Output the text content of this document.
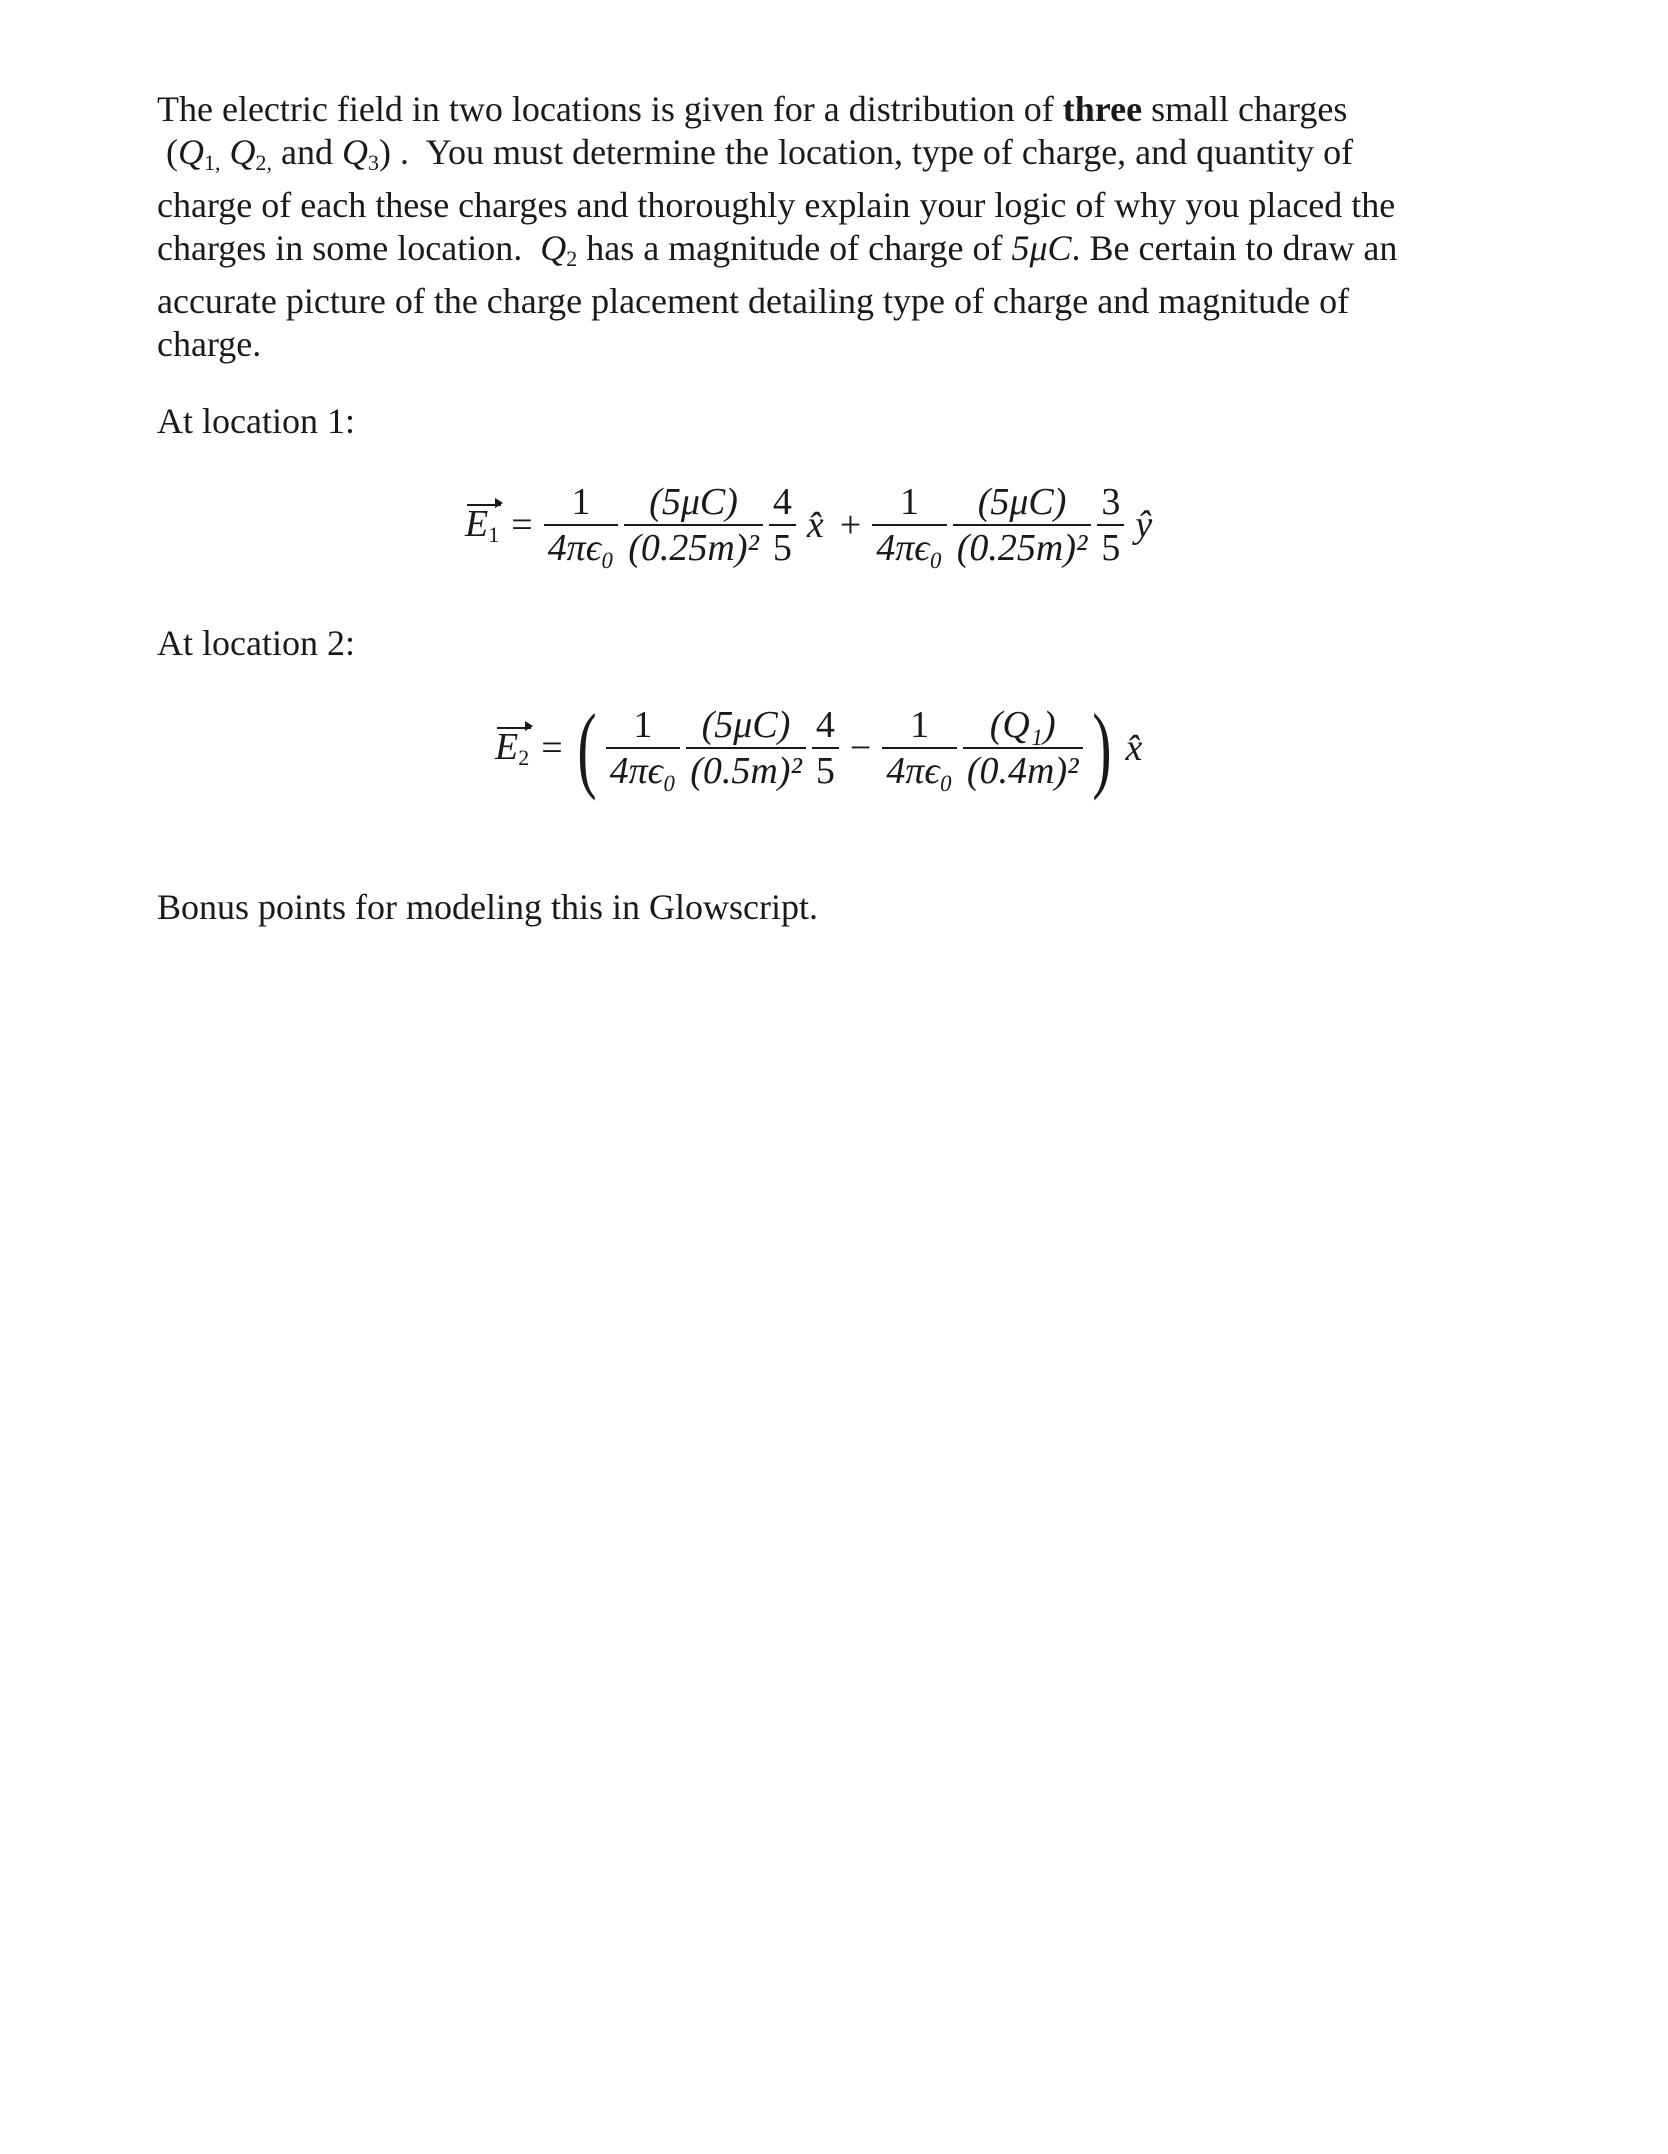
The electric field in two locations is given for a distribution of three small charges
($Q_{1,}$ $Q_{2,}$ and $Q_3$) . You must determine the location, type of charge, and quantity of
charge of each these charges and thoroughly explain your logic of why you placed the
charges in some location. $Q_2$ has a magnitude of charge of 5μC. Be certain to draw an
accurate picture of the charge placement detailing type of charge and magnitude of
charge.
At location 1:
$E_1 = \frac{1}{\text{4πϵ₀}} \frac{(5\mu C)}{\text{(0.25m)²}} \frac{4}{5}$ x̂ + $\frac{1}{\text{4πϵ₀}} \frac{(5\mu C)}{\text{(0.25m)²}} \frac{3}{5}$ ŷ
At location 2:
$E_2$ = ( $\frac{1}{\text{4πϵ₀}} \frac{(5\mu C)}{\text{(0.5m)²}} \frac{4}{5} - \frac{1}{\text{4πϵ₀}} \frac{\text{(Q₁)}}{\text{(0.4m)²}}$ ) x̂
Bonus points for modeling this in Glowscript.
